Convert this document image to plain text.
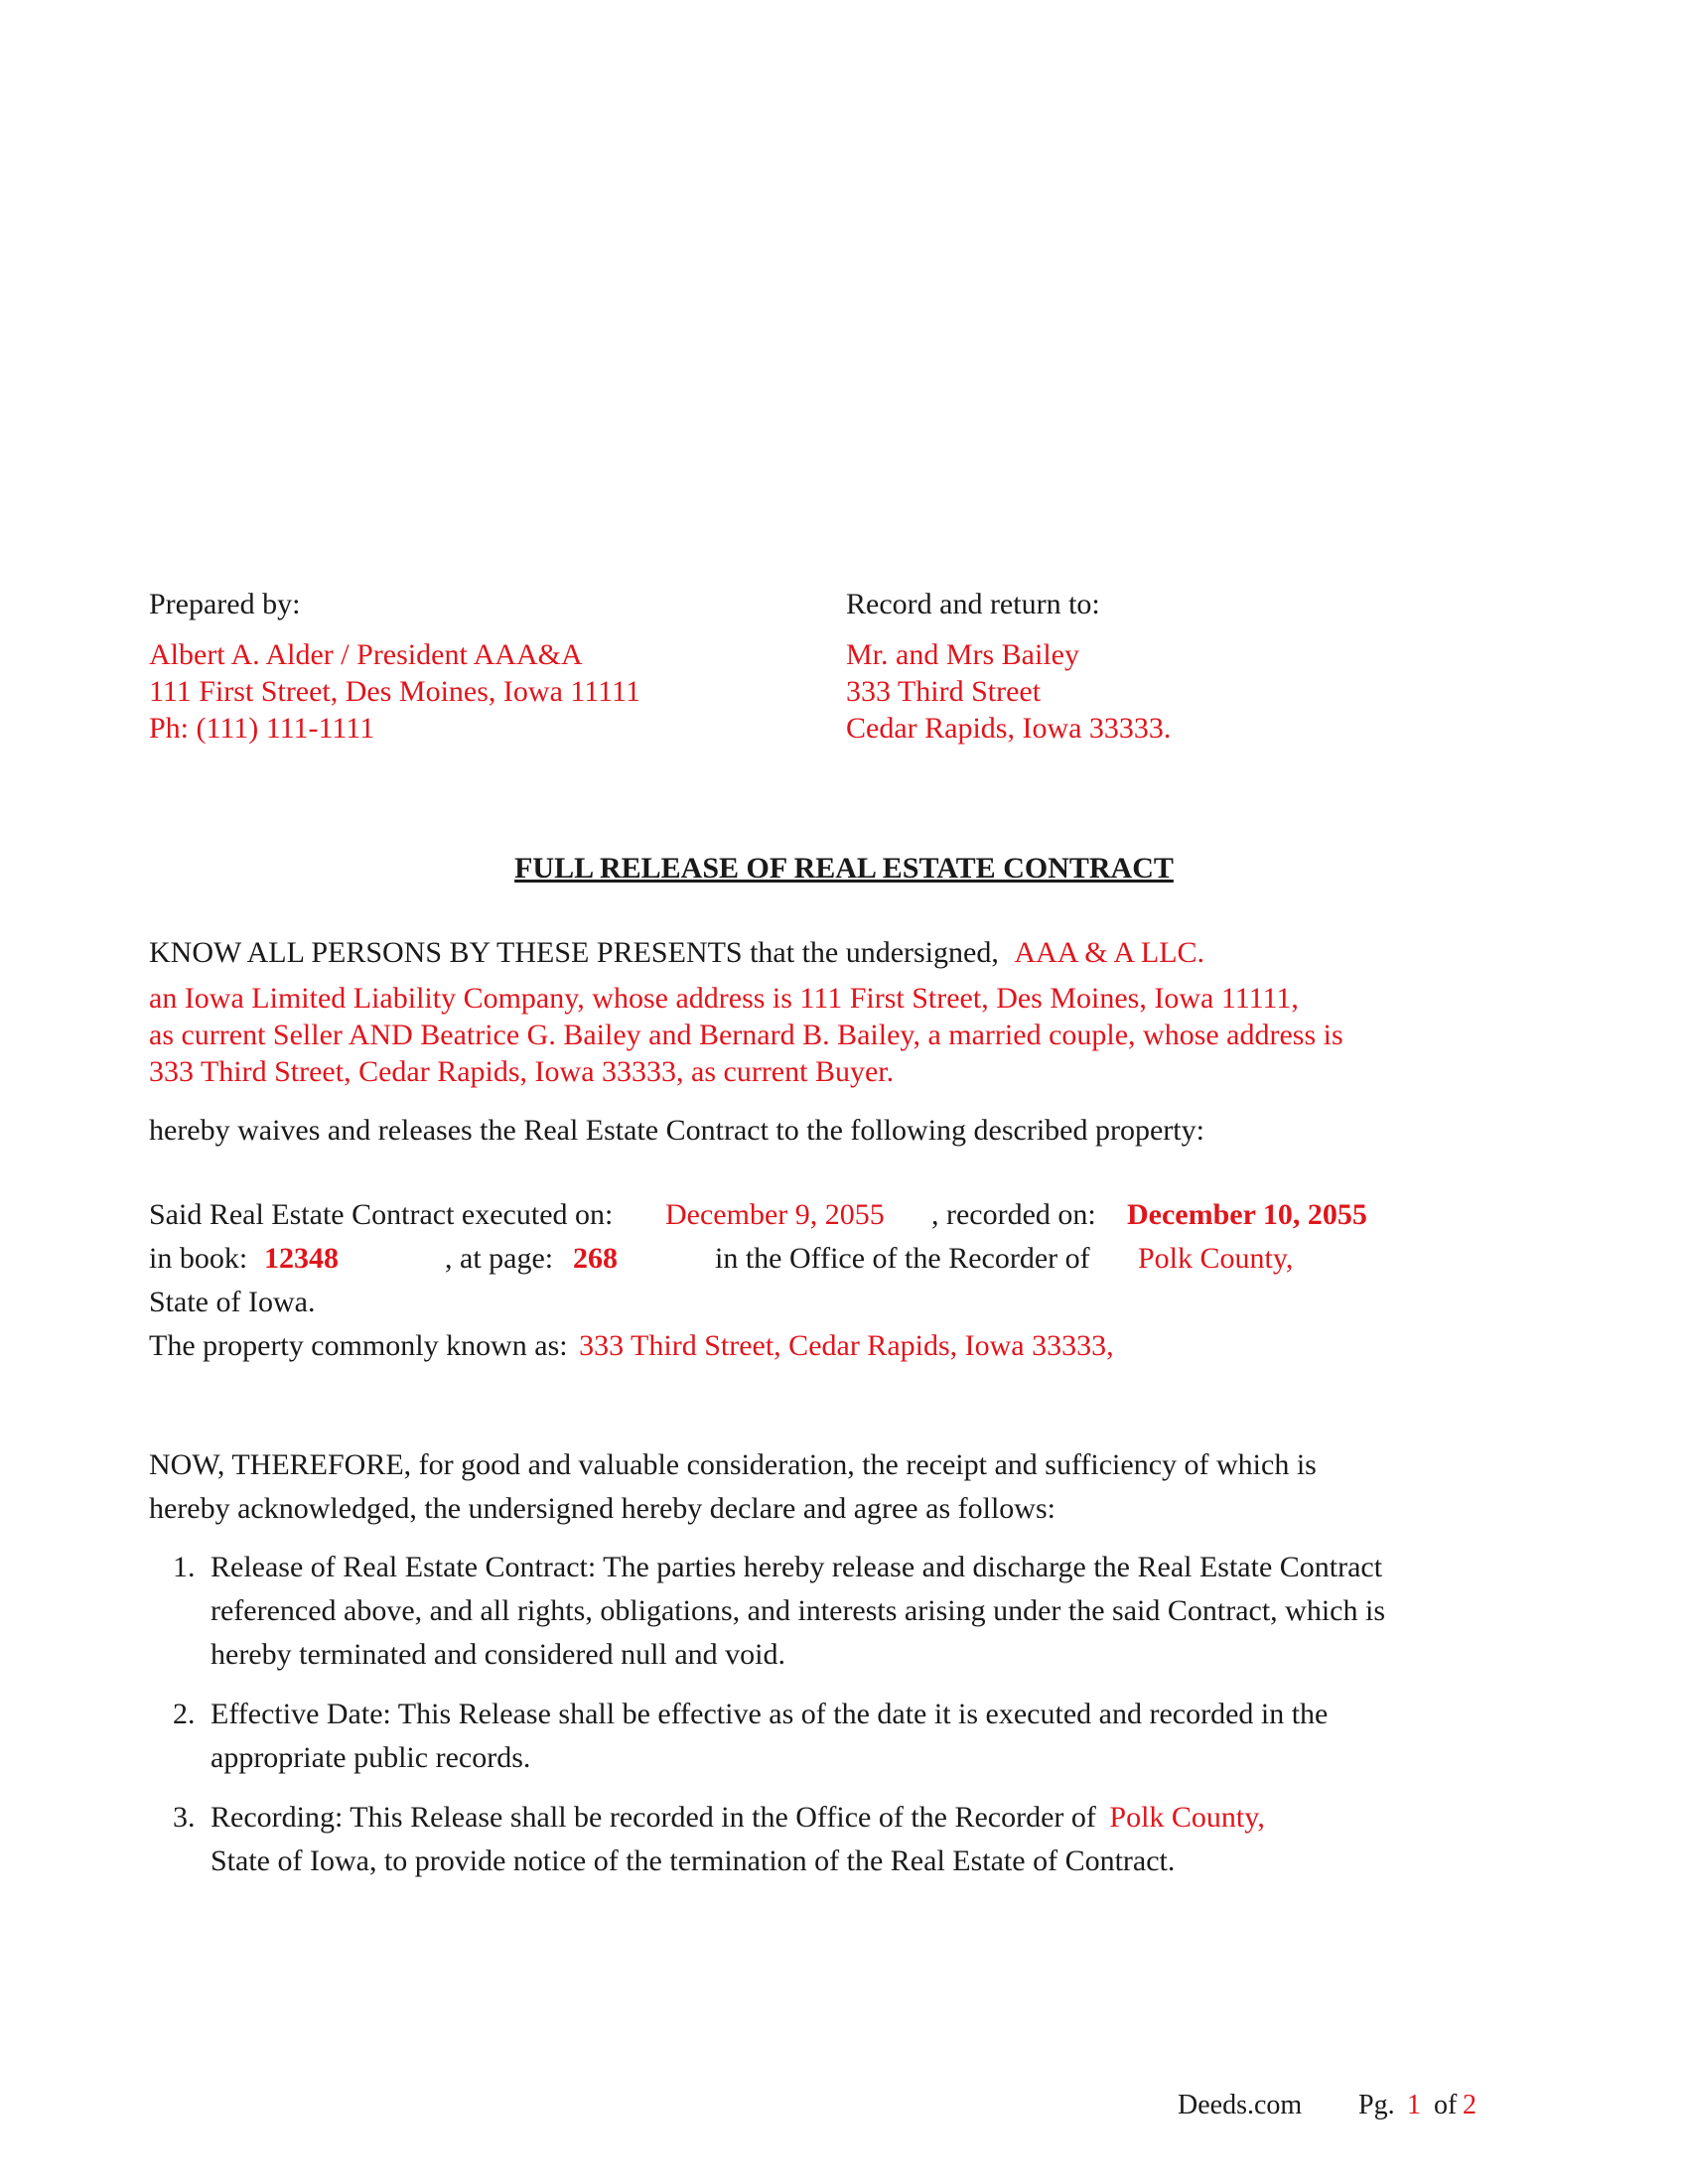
Prepared by:
Albert A. Alder / President AAA&A
111 First Street, Des Moines, Iowa 11111
Ph: (111) 111-1111
Record and return to:
Mr. and Mrs Bailey
333 Third Street
Cedar Rapids, Iowa 33333.
FULL RELEASE OF REAL ESTATE CONTRACT
KNOW ALL PERSONS BY THESE PRESENTS that the undersigned, AAA & A LLC.
an Iowa Limited Liability Company, whose address is 111 First Street, Des Moines, Iowa 11111,
as current Seller AND Beatrice G. Bailey and Bernard B. Bailey, a married couple, whose address is
333 Third Street, Cedar Rapids, Iowa 33333, as current Buyer.
hereby waives and releases the Real Estate Contract to the following described property:
Said Real Estate Contract executed on: December 9, 2055 , recorded on: December 10, 2055
in book: 12348	, at page: 268	in the Office of the Recorder of Polk County,
State of Iowa.
The property commonly known as: 333 Third Street, Cedar Rapids, Iowa 33333,
NOW, THEREFORE, for good and valuable consideration, the receipt and sufficiency of which is
hereby acknowledged, the undersigned hereby declare and agree as follows:
1. Release of Real Estate Contract: The parties hereby release and discharge the Real Estate Contract
referenced above, and all rights, obligations, and interests arising under the said Contract, which is
hereby terminated and considered null and void.
2. Effective Date: This Release shall be effective as of the date it is executed and recorded in the
appropriate public records.
3. Recording: This Release shall be recorded in the Office of the Recorder of Polk County,
State of Iowa, to provide notice of the termination of the Real Estate of Contract.
Deeds.com Pg. 1 of 2
